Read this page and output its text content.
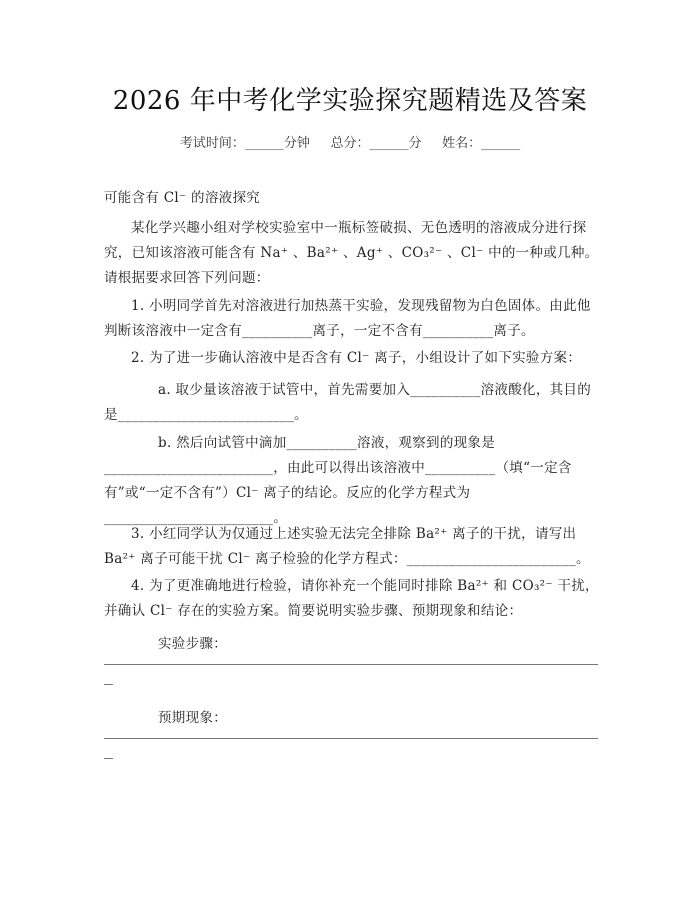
2026 年中考化学实验探究题精选及答案
考试时间：______分钟     总分：______分     姓名：______
可能含有 Cl⁻ 的溶液探究
某化学兴趣小组对学校实验室中一瓶标签破损、无色透明的溶液成分进行探究，已知该溶液可能含有 Na⁺ 、Ba²⁺ 、Ag⁺ 、CO₃²⁻ 、Cl⁻ 中的一种或几种。请根据要求回答下列问题：
1. 小明同学首先对溶液进行加热蒸干实验，发现残留物为白色固体。由此他判断该溶液中一定含有__________离子，一定不含有__________离子。
2. 为了进一步确认溶液中是否含有 Cl⁻ 离子，小组设计了如下实验方案：
a. 取少量该溶液于试管中，首先需要加入__________溶液酸化，其目的是_________________________。
b. 然后向试管中滴加__________溶液，观察到的现象是________________________，由此可以得出该溶液中__________（填“一定含有”或“一定不含有”）Cl⁻ 离子的结论。反应的化学方程式为________________________。
3. 小红同学认为仅通过上述实验无法完全排除 Ba²⁺ 离子的干扰，请写出 Ba²⁺ 离子可能干扰 Cl⁻ 离子检验的化学方程式：________________________。
4. 为了更准确地进行检验，请你补充一个能同时排除 Ba²⁺ 和 CO₃²⁻ 干扰，并确认 Cl⁻ 存在的实验方案。简要说明实验步骤、预期现象和结论：
实验步骤：
预期现象：
